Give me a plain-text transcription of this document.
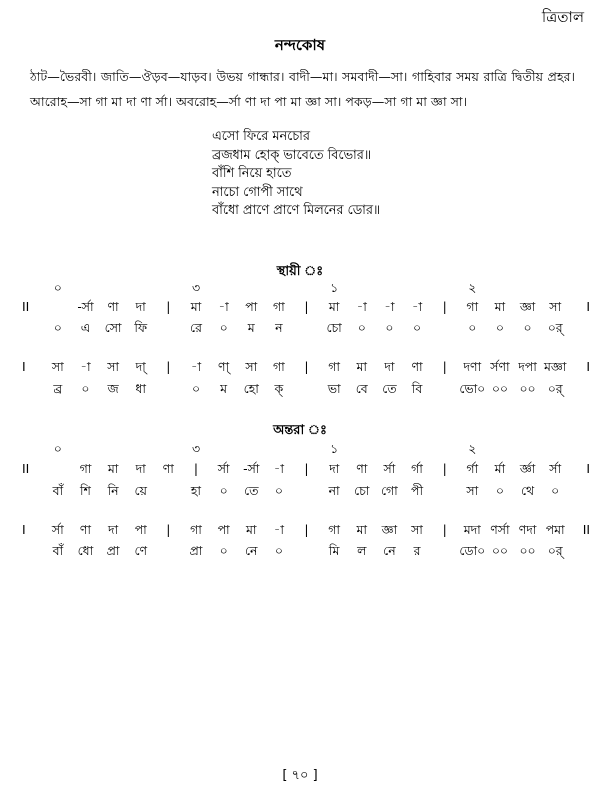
ত্রিতাল
নন্দকোষ
ঠাট—ভৈরবী। জাতি—ঔড়ব—যাড়ব। উভয় গান্ধার। বাদী—মা। সমবাদী—সা। গাহিবার সময় রাত্রি দ্বিতীয় প্রহর। আরোহ—সা গা মা দা ণা র্সা। অবরোহ—র্সা ণা দা পা মা জ্ঞা সা। পকড়—সা গা মা জ্ঞা সা।
এসো ফিরে মনচোর
ব্রজধাম হোক্‌ ভাবেতে বিভোর॥
বাঁশি নিয়ে হাতে
নাচো গোপী সাথে
বাঁধো প্রাণে প্রাণে মিলনের ডোর॥
স্থায়ী ঃ
০	৩	১	২
II	I
-র্সা ণা দা | মা -া পা গা | মা -া -া -া | গা মা জ্ঞা সা
০ এ সো ফি	রে ০ ম ন	চো ০ ০ ০	০ ০ ০ ০র্
I	I
সা -া সা দা্ | -া ণা্ সা গা | গা মা দা ণা | দণা র্সণা দপা মজ্ঞা
ব্র ০ জ ধা	০ ম হো ক্	ভা বে তে বি	ভো০ ০০ ০০ ০র্
অন্তরা ঃ
০	৩	১	২
II	I
গা মা দা ণা | র্সা -র্সা -া | দা ণা র্সা র্গা | র্গা র্মা র্জ্ঞা র্সা
বাঁ শি নি য়ে	হা ০ তে ০	না চো গো পী	সা ০ থে ০
I	II
র্সা ণা দা পা | গা পা মা -া | গা মা জ্ঞা সা | মদা ণর্সা ণদা পমা
বাঁ ধো প্রা ণে	প্রা ০ নে ০	মি ল নে র	ডো০ ০০ ০০ ০র্
[ ৭০ ]
